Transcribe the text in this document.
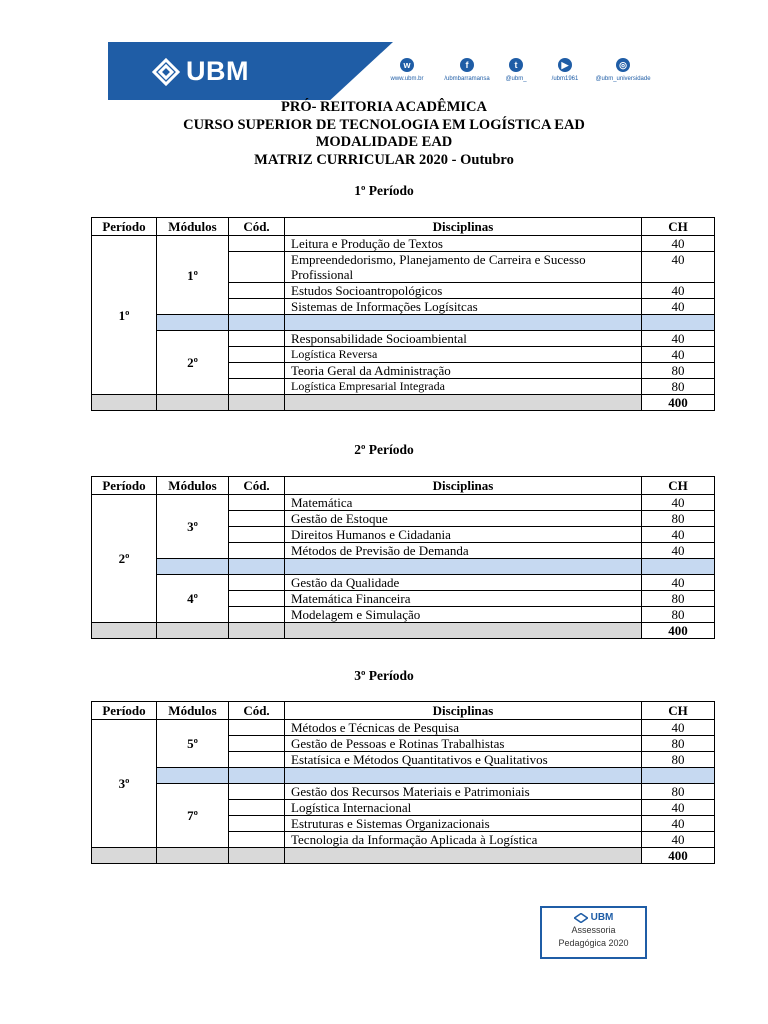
UBM	w
www.ubm.br
f
/ubmbarramansa
t
@ubm_
▶
/ubm1961
◎
@ubm_universidade
PRÓ- REITORIA ACADÊMICA
CURSO SUPERIOR DE TECNOLOGIA EM LOGÍSTICA EAD
MODALIDADE EAD
MATRIZ CURRICULAR 2020 - Outubro
1º Período
2º Período
3º Período
Período	Módulos	Cód.	Disciplinas	CH
1º	1º		Leitura e Produção de Textos	40
			Empreendedorismo, Planejamento de Carreira e Sucesso Profissional	40
			Estudos Socioantropológicos	40
			Sistemas de Informações Logísitcas	40

	2º		Responsabilidade Socioambiental	40
			Logística Reversa	40
			Teoria Geral da Administração	80
			Logística Empresarial Integrada	80
				400
Período	Módulos	Cód.	Disciplinas	CH
2º	3º		Matemática	40
			Gestão de Estoque	80
			Direitos Humanos e Cidadania	40
			Métodos de Previsão de Demanda	40

	4º		Gestão da Qualidade	40
			Matemática Financeira	80
			Modelagem e Simulação	80
				400
Período	Módulos	Cód.	Disciplinas	CH
3º	5º		Métodos e Técnicas de Pesquisa	40
			Gestão de Pessoas e Rotinas Trabalhistas	80
			Estatísica e Métodos Quantitativos e Qualitativos	80

	7º		Gestão dos Recursos Materiais e Patrimoniais	80
			Logística Internacional	40
			Estruturas e Sistemas Organizacionais	40
			Tecnologia da Informação Aplicada à Logística	40
				400
UBM
Assessoria
Pedagógica 2020
